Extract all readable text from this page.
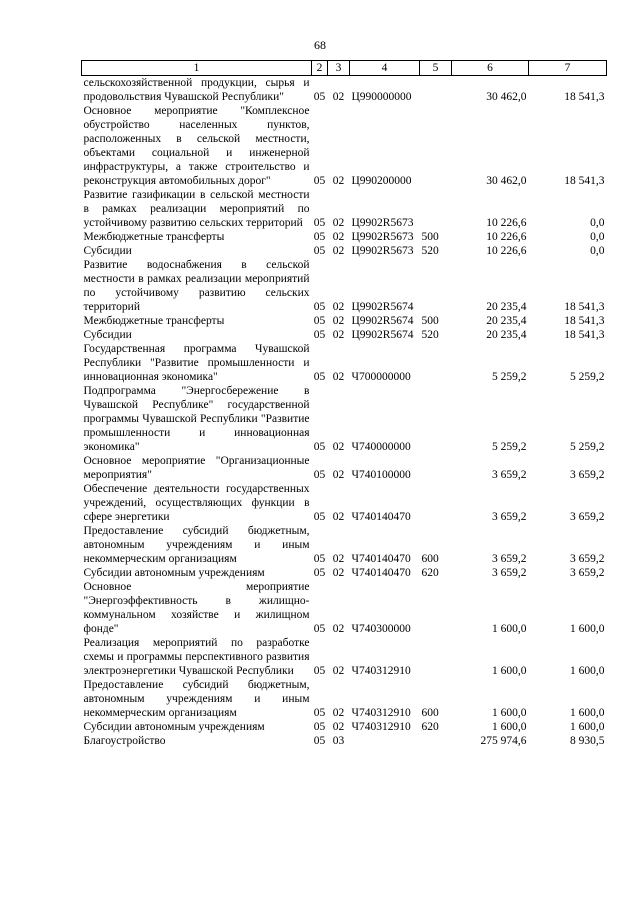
68
1	2	3	4	5	6	7
сельскохозяйственной продукции, сырья и продовольствия Чувашской Республики"	05	02	Ц990000000		30 462,0	18 541,3
Основное мероприятие "Комплексное обустройство населенных пунктов, расположенных в сельской местности, объектами социальной и инженерной инфраструктуры, а также строительство и реконструкция автомобильных дорог"	05	02	Ц990200000		30 462,0	18 541,3
Развитие газификации в сельской местности в рамках реализации мероприятий по устойчивому развитию сельских территорий	05	02	Ц9902R5673		10 226,6	0,0
Межбюджетные трансферты	05	02	Ц9902R5673	500	10 226,6	0,0
Субсидии	05	02	Ц9902R5673	520	10 226,6	0,0
Развитие водоснабжения в сельской местности в рамках реализации мероприятий по устойчивому развитию сельских территорий	05	02	Ц9902R5674		20 235,4	18 541,3
Межбюджетные трансферты	05	02	Ц9902R5674	500	20 235,4	18 541,3
Субсидии	05	02	Ц9902R5674	520	20 235,4	18 541,3
Государственная программа Чувашской Республики "Развитие промышленности и инновационная экономика"	05	02	Ч700000000		5 259,2	5 259,2
Подпрограмма "Энергосбережение в Чувашской Республике" государственной программы Чувашской Республики "Развитие промышленности и инновационная экономика"	05	02	Ч740000000		5 259,2	5 259,2
Основное мероприятие "Организационные мероприятия"	05	02	Ч740100000		3 659,2	3 659,2
Обеспечение деятельности государственных учреждений, осуществляющих функции в сфере энергетики	05	02	Ч740140470		3 659,2	3 659,2
Предоставление субсидий бюджетным, автономным учреждениям и иным некоммерческим организациям	05	02	Ч740140470	600	3 659,2	3 659,2
Субсидии автономным учреждениям	05	02	Ч740140470	620	3 659,2	3 659,2
Основное мероприятие "Энергоэффективность в жилищно-коммунальном хозяйстве и жилищном фонде"	05	02	Ч740300000		1 600,0	1 600,0
Реализация мероприятий по разработке схемы и программы перспективного развития электроэнергетики Чувашской Республики	05	02	Ч740312910		1 600,0	1 600,0
Предоставление субсидий бюджетным, автономным учреждениям и иным некоммерческим организациям	05	02	Ч740312910	600	1 600,0	1 600,0
Субсидии автономным учреждениям	05	02	Ч740312910	620	1 600,0	1 600,0
Благоустройство	05	03			275 974,6	8 930,5
